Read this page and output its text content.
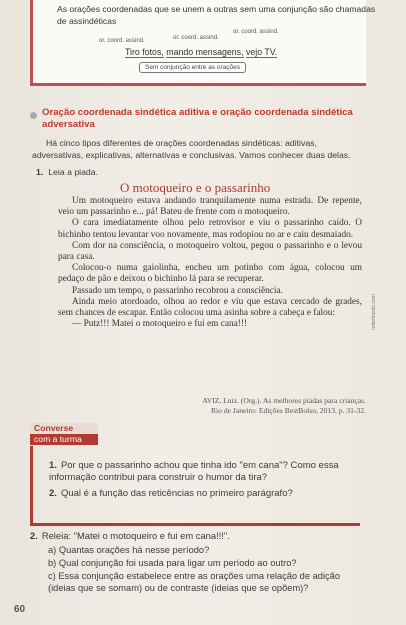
As orações coordenadas que se unem a outras sem uma conjunção são chamadas de assindéticas
or. coord. assind.	or. coord. assind.
or. coord. assind.
Tiro fotos, mando mensagens, vejo TV.
Sem conjunção entre as orações
Oração coordenada sindética aditiva e oração coordenada sindética adversativa
Há cinco tipos diferentes de orações coordenadas sindéticas: aditivas, adversativas, explicativas, alternativas e conclusivas. Vamos conhecer duas delas.
1. Leia a piada.
O motoqueiro e o passarinho

Um motoqueiro estava andando tranquilamente numa estrada. De repente, veio um passarinho e... pá! Bateu de frente com o motoqueiro.

O cara imediatamente olhou pelo retrovisor e viu o passarinho caído. O bichinho tentou levantar voo novamente, mas rodopiou no ar e caiu desmaiado.

Com dor na consciência, o motoqueiro voltou, pegou o passarinho e o levou para casa.

Colocou-o numa gaiolinha, encheu um potinho com água, colocou um pedaço de pão e deixou o bichinho lá para se recuperar.

Passado um tempo, o passarinho recobrou a consciência.

Ainda meio atordoado, olhou ao redor e viu que estava cercado de grades, sem chances de escapar. Então colocou uma asinha sobre a cabeça e falou:

— Putz!!! Matei o motoqueiro e fui em cana!!!

AVIZ, Luiz. (Org.). As melhores piadas para crianças.
Rio de Janeiro: Edições BestBolso, 2013. p. 31-32.
robertocolo.com
Converse
com a turma
1. Por que o passarinho achou que tinha ido "em cana"? Como essa informação contribui para construir o humor da tira?
2. Qual é a função das reticências no primeiro parágrafo?
2. Releia: "Matei o motoqueiro e fui em cana!!!".
a) Quantas orações há nesse período?
b) Qual conjunção foi usada para ligar um período ao outro?
c) Essa conjunção estabelece entre as orações uma relação de adição (ideias que se somam) ou de contraste (ideias que se opõem)?
60
